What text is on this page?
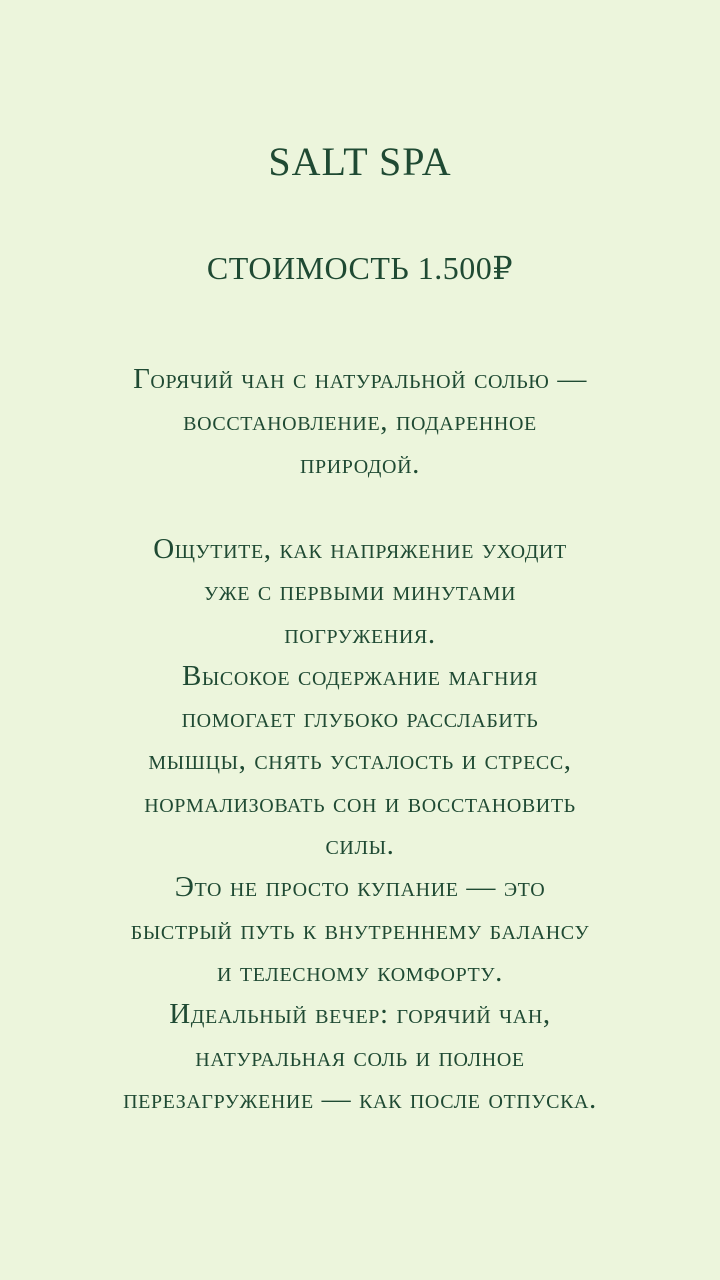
SALT SPA
СТОИМОСТЬ 1.500₽

Горячий чан с натуральной солью —
восстановление, подаренное
природой.

Ощутите, как напряжение уходит
уже с первыми минутами
погружения.
Высокое содержание магния
помогает глубоко расслабить
мышцы, снять усталость и стресс,
нормализовать сон и восстановить
силы.
Это не просто купание — это
быстрый путь к внутреннему балансу
и телесному комфорту.
Идеальный вечер: горячий чан,
натуральная соль и полное
перезагружение — как после отпуска.
